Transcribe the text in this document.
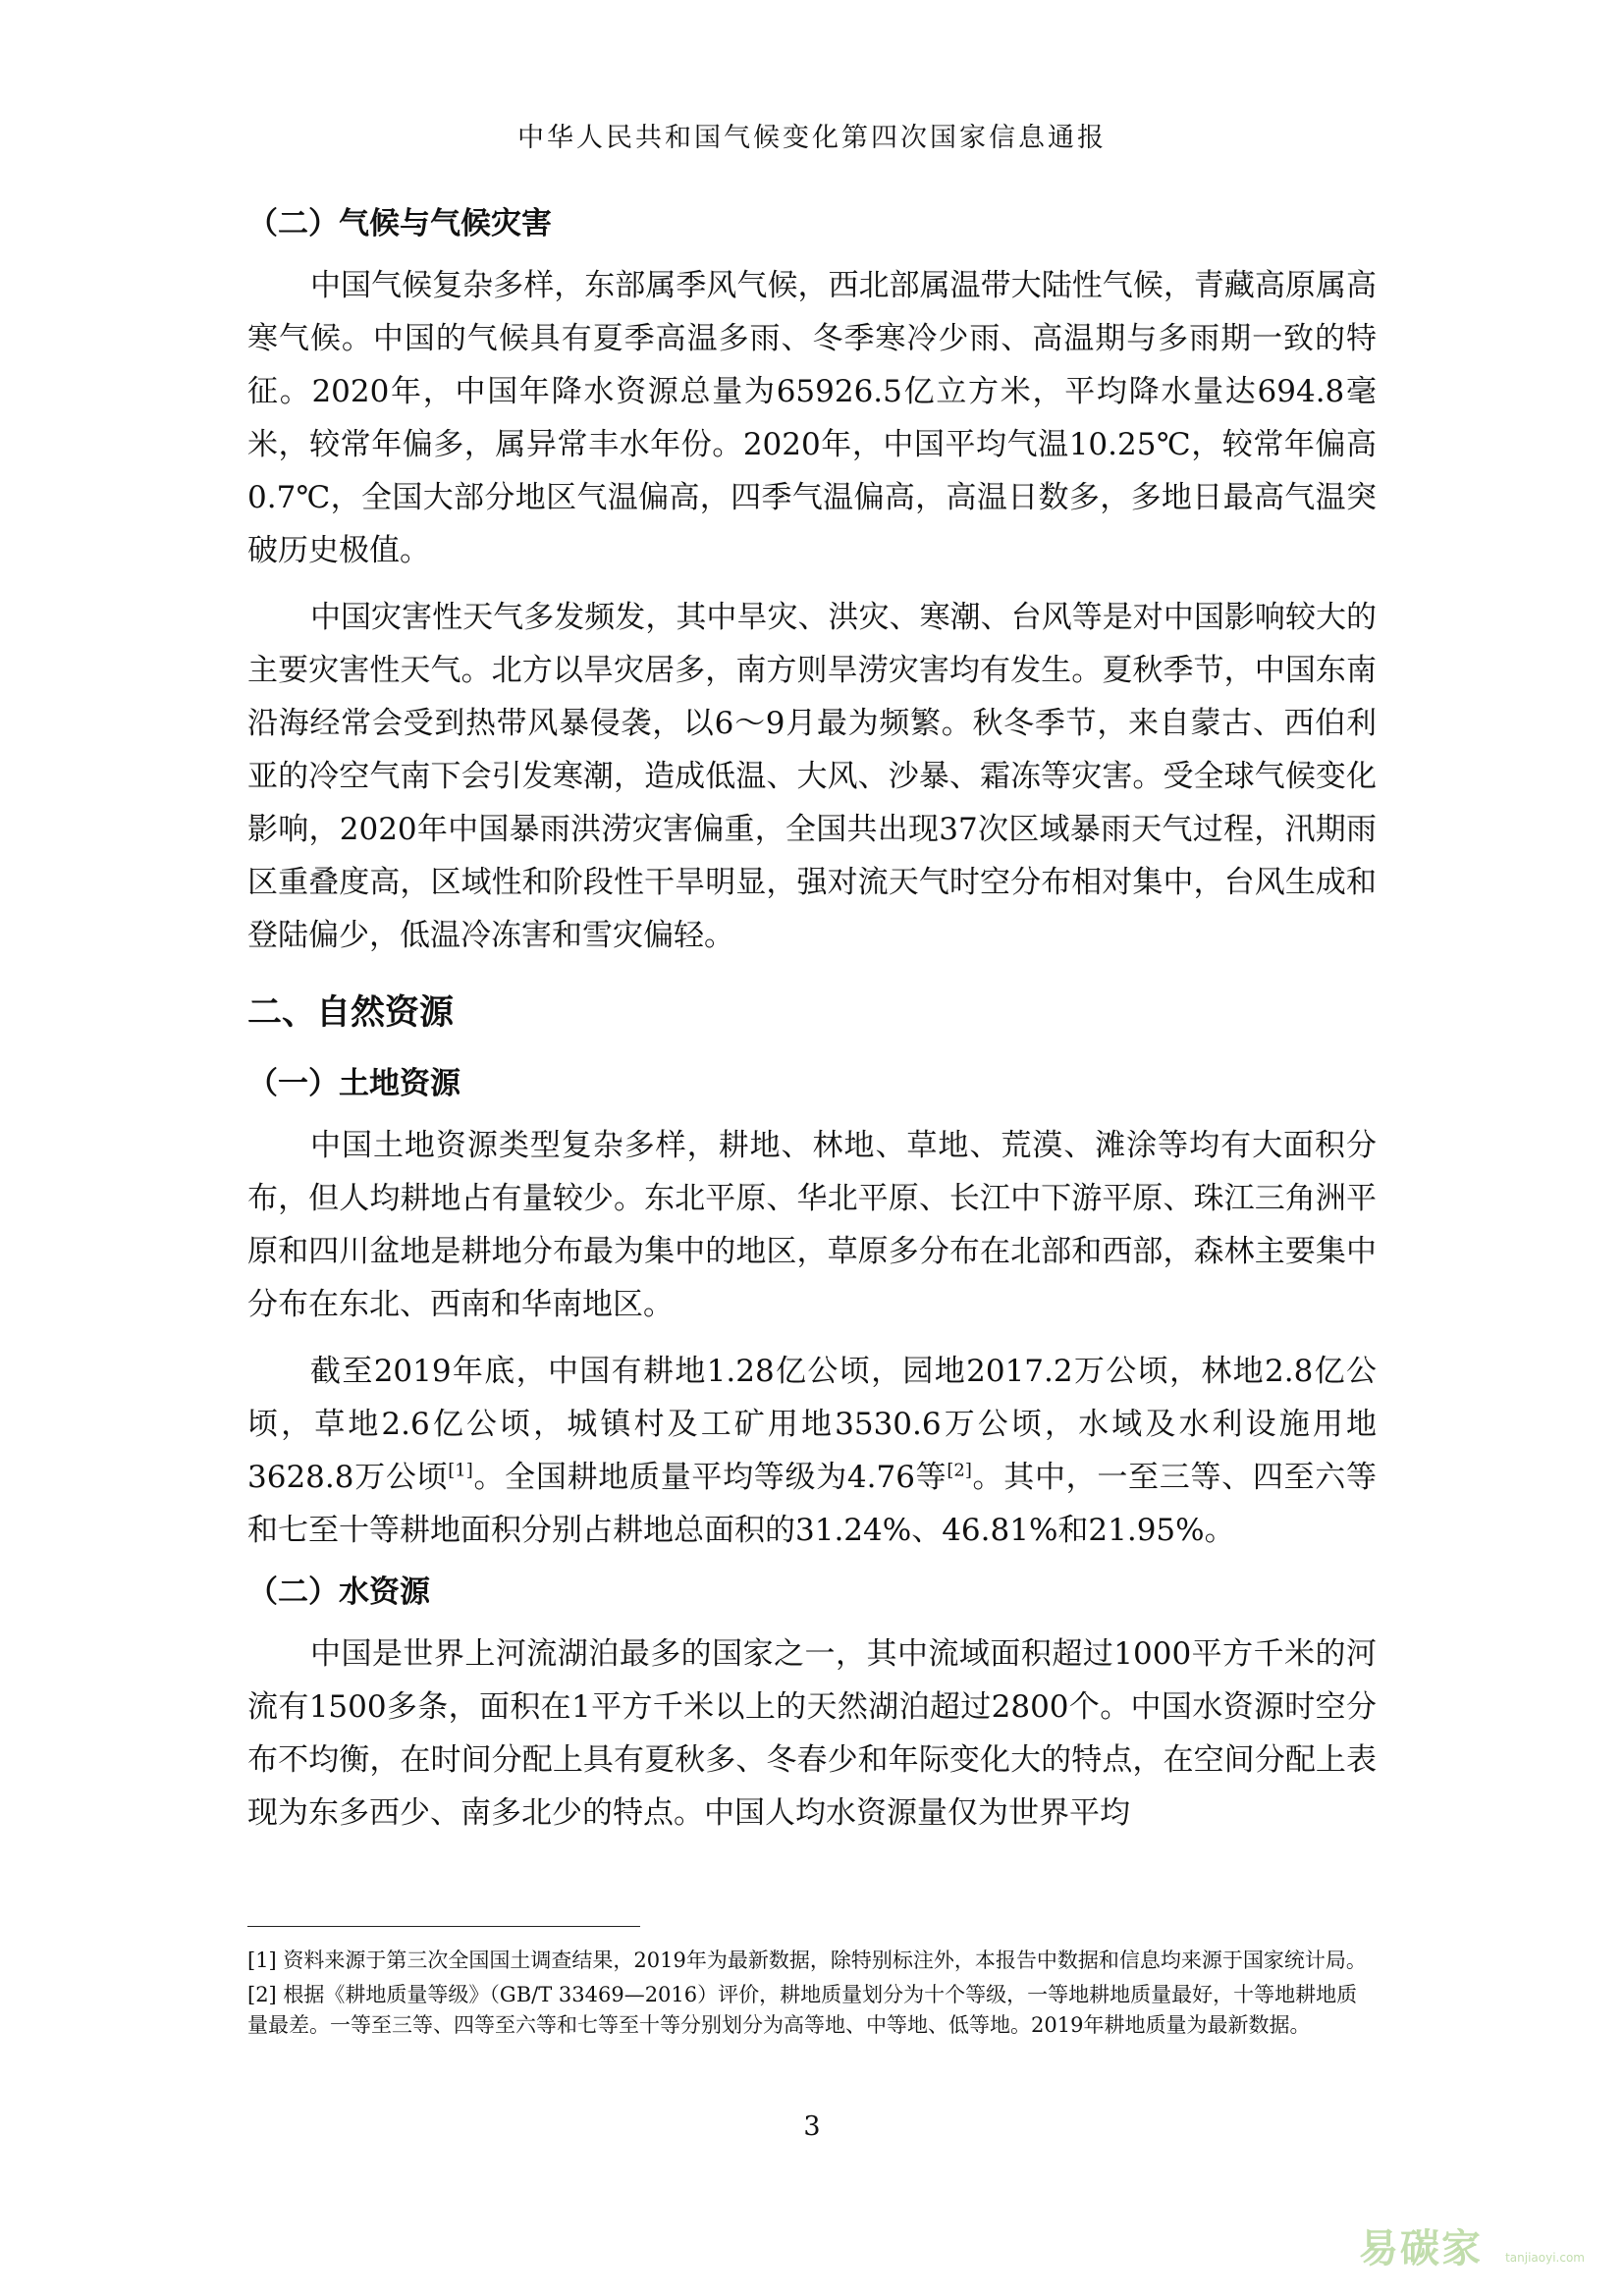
中华人民共和国气候变化第四次国家信息通报
（二）气候与气候灾害

中国气候复杂多样，东部属季风气候，西北部属温带大陆性气候，青藏高原属高寒气候。中国的气候具有夏季高温多雨、冬季寒冷少雨、高温期与多雨期一致的特征。2020年，中国年降水资源总量为65926.5亿立方米，平均降水量达694.8毫米，较常年偏多，属异常丰水年份。2020年，中国平均气温10.25℃，较常年偏高0.7℃，全国大部分地区气温偏高，四季气温偏高，高温日数多，多地日最高气温突破历史极值。

中国灾害性天气多发频发，其中旱灾、洪灾、寒潮、台风等是对中国影响较大的主要灾害性天气。北方以旱灾居多，南方则旱涝灾害均有发生。夏秋季节，中国东南沿海经常会受到热带风暴侵袭，以6～9月最为频繁。秋冬季节，来自蒙古、西伯利亚的冷空气南下会引发寒潮，造成低温、大风、沙暴、霜冻等灾害。受全球气候变化影响，2020年中国暴雨洪涝灾害偏重，全国共出现37次区域暴雨天气过程，汛期雨区重叠度高，区域性和阶段性干旱明显，强对流天气时空分布相对集中，台风生成和登陆偏少，低温冷冻害和雪灾偏轻。

二、自然资源
（一）土地资源

中国土地资源类型复杂多样，耕地、林地、草地、荒漠、滩涂等均有大面积分布，但人均耕地占有量较少。东北平原、华北平原、长江中下游平原、珠江三角洲平原和四川盆地是耕地分布最为集中的地区，草原多分布在北部和西部，森林主要集中分布在东北、西南和华南地区。

截至2019年底，中国有耕地1.28亿公顷，园地2017.2万公顷，林地2.8亿公顷，草地2.6亿公顷，城镇村及工矿用地3530.6万公顷，水域及水利设施用地3628.8万公顷[1]。全国耕地质量平均等级为4.76等[2]。其中，一至三等、四至六等和七至十等耕地面积分别占耕地总面积的31.24%、46.81%和21.95%。

（二）水资源

中国是世界上河流湖泊最多的国家之一，其中流域面积超过1000平方千米的河流有1500多条，面积在1平方千米以上的天然湖泊超过2800个。中国水资源时空分布不均衡，在时间分配上具有夏秋多、冬春少和年际变化大的特点，在空间分配上表现为东多西少、南多北少的特点。中国人均水资源量仅为世界平均

[1] 资料来源于第三次全国国土调查结果，2019年为最新数据，除特别标注外，本报告中数据和信息均来源于国家统计局。

[2] 根据《耕地质量等级》（GB/T 33469—2016）评价，耕地质量划分为十个等级，一等地耕地质量最好，十等地耕地质量最差。一等至三等、四等至六等和七等至十等分别划分为高等地、中等地、低等地。2019年耕地质量为最新数据。

3
易碳家 tanjiaoyi.com
